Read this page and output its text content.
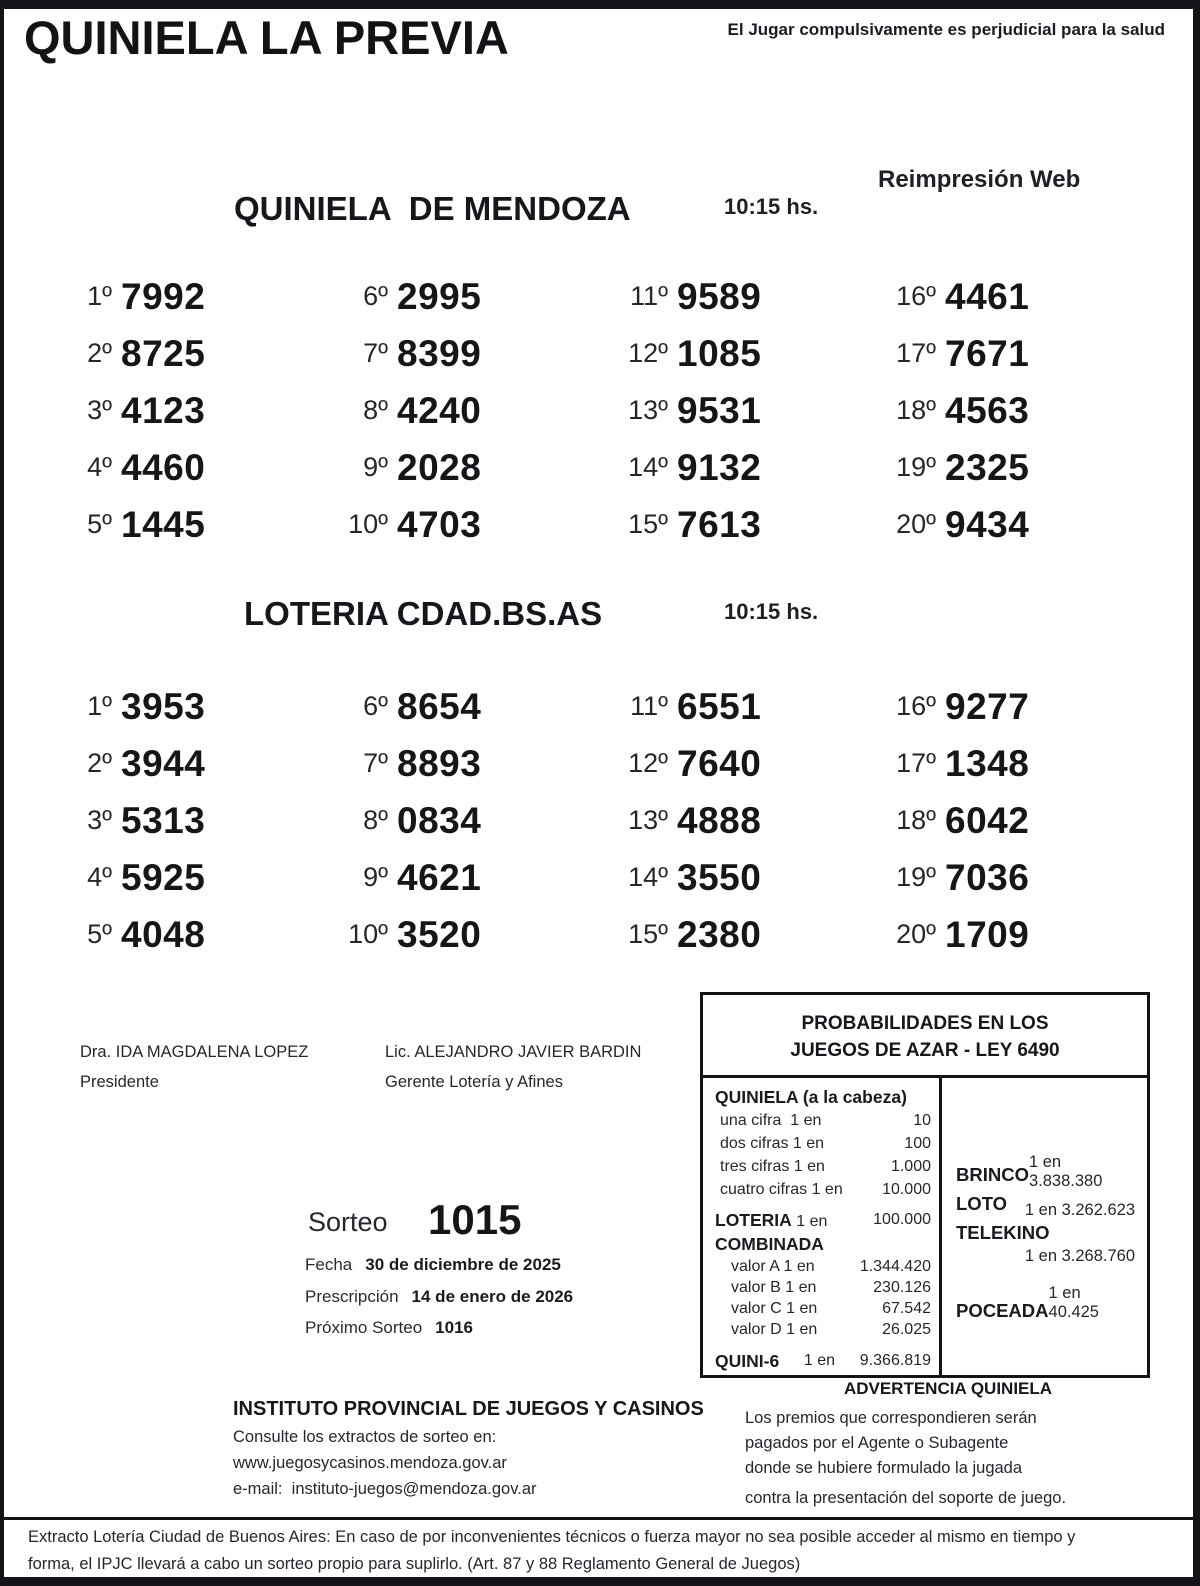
QUINIELA LA PREVIA	El Jugar compulsivamente es perjudicial para la salud
Reimpresión Web
QUINIELA  DE MENDOZA	10:15 hs.
1º 7992
2º 8725
3º 4123
4º 4460
5º 1445
6º 2995
7º 8399
8º 4240
9º 2028
10º 4703
11º 9589
12º 1085
13º 9531
14º 9132
15º 7613
16º 4461
17º 7671
18º 4563
19º 2325
20º 9434
LOTERIA CDAD.BS.AS	10:15 hs.
1º 3953
2º 3944
3º 5313
4º 5925
5º 4048
6º 8654
7º 8893
8º 0834
9º 4621
10º 3520
11º 6551
12º 7640
13º 4888
14º 3550
15º 2380
16º 9277
17º 1348
18º 6042
19º 7036
20º 1709
Dra. IDA MAGDALENA LOPEZ
Presidente
Lic. ALEJANDRO JAVIER BARDIN
Gerente Lotería y Afines
Sorteo 1015
Fecha 30 de diciembre de 2025
Prescripción 14 de enero de 2026
Próximo Sorteo 1016
PROBABILIDADES EN LOS
JUEGOS DE AZAR - LEY 6490
QUINIELA (a la cabeza)
una cifra  1 en	10
dos cifras 1 en	100
tres cifras 1 en	1.000
cuatro cifras 1 en 10.000
LOTERIA 1 en	100.000
COMBINADA
valor A 1 en	1.344.420
valor B 1 en	230.126
valor C 1 en	67.542
valor D 1 en	26.025
QUINI-6 1 en 9.366.819
BRINCO
1 en 3.838.380
LOTO 1 en 3.262.623
TELEKINO
1 en 3.268.760
POCEADA
1 en 40.425
INSTITUTO PROVINCIAL DE JUEGOS Y CASINOS
Consulte los extractos de sorteo en:
www.juegosycasinos.mendoza.gov.ar
e-mail:  instituto-juegos@mendoza.gov.ar
ADVERTENCIA QUINIELA
Los premios que correspondieren serán
pagados por el Agente o Subagente
donde se hubiere formulado la jugada
contra la presentación del soporte de juego.
Extracto Lotería Ciudad de Buenos Aires: En caso de por inconvenientes técnicos o fuerza mayor no sea posible acceder al mismo en tiempo y
forma, el IPJC llevará a cabo un sorteo propio para suplirlo. (Art. 87 y 88 Reglamento General de Juegos)
